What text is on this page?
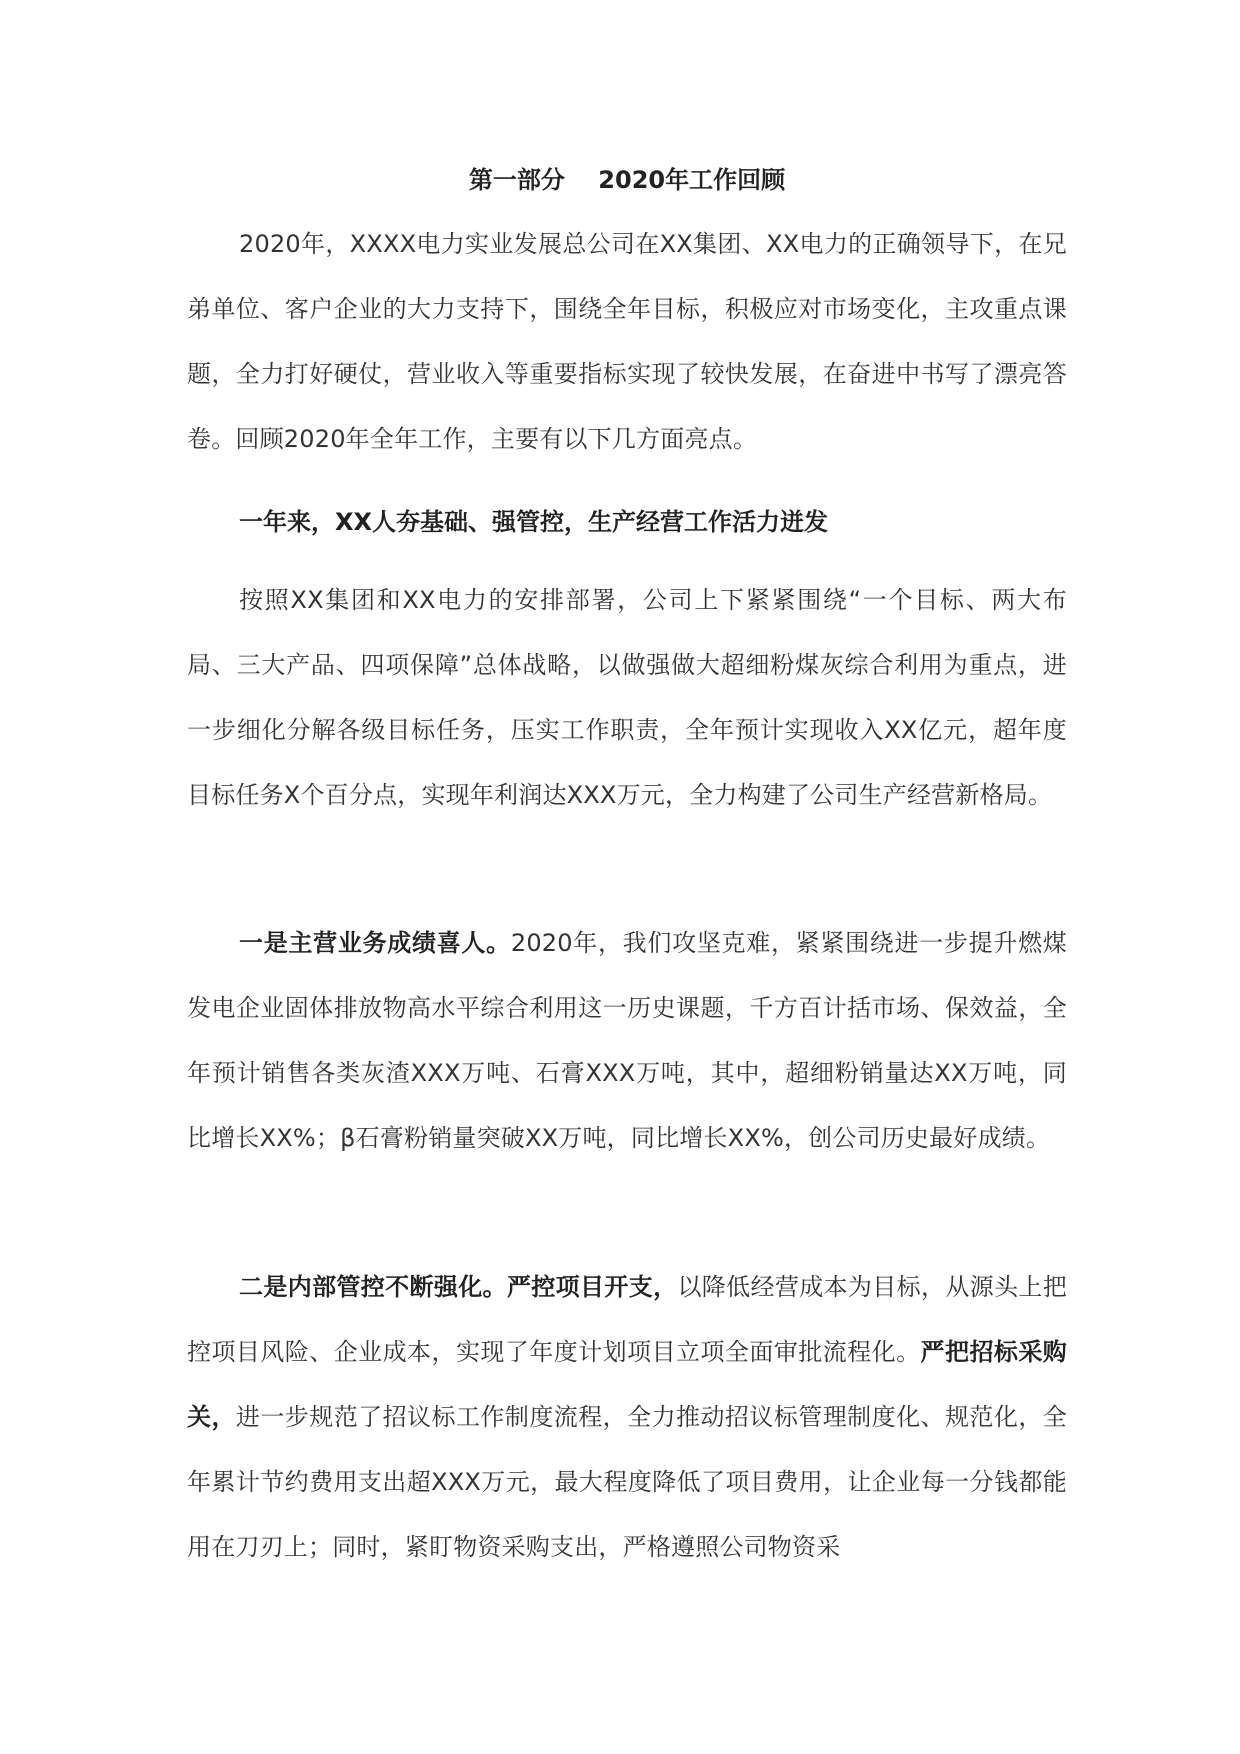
第一部分    2020年工作回顾

2020年，XXXX电力实业发展总公司在XX集团、XX电力的正确领导下，在兄弟单位、客户企业的大力支持下，围绕全年目标，积极应对市场变化，主攻重点课题，全力打好硬仗，营业收入等重要指标实现了较快发展，在奋进中书写了漂亮答卷。回顾2020年全年工作，主要有以下几方面亮点。

一年来，XX人夯基础、强管控，生产经营工作活力迸发

按照XX集团和XX电力的安排部署，公司上下紧紧围绕“一个目标、两大布局、三大产品、四项保障”总体战略，以做强做大超细粉煤灰综合利用为重点，进一步细化分解各级目标任务，压实工作职责，全年预计实现收入XX亿元，超年度目标任务X个百分点，实现年利润达XXX万元，全力构建了公司生产经营新格局。

一是主营业务成绩喜人。2020年，我们攻坚克难，紧紧围绕进一步提升燃煤发电企业固体排放物高水平综合利用这一历史课题，千方百计括市场、保效益，全年预计销售各类灰渣XXX万吨、石膏XXX万吨，其中，超细粉销量达XX万吨，同比增长XX%；β石膏粉销量突破XX万吨，同比增长XX%，创公司历史最好成绩。

二是内部管控不断强化。严控项目开支，以降低经营成本为目标，从源头上把控项目风险、企业成本，实现了年度计划项目立项全面审批流程化。严把招标采购关，进一步规范了招议标工作制度流程，全力推动招议标管理制度化、规范化，全年累计节约费用支出超XXX万元，最大程度降低了项目费用，让企业每一分钱都能用在刀刃上；同时，紧盯物资采购支出，严格遵照公司物资采
